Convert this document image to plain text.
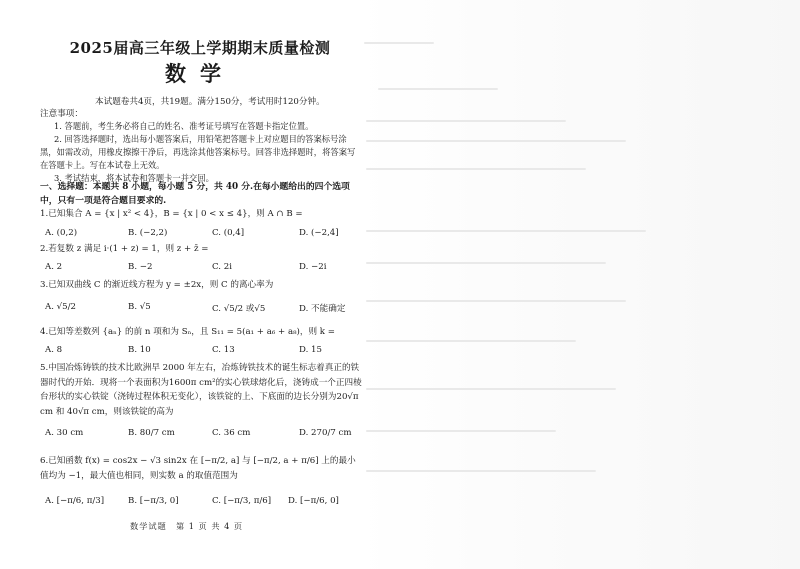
2025届高三年级上学期期末质量检测
数学
本试题卷共4页，共19题。满分150分，考试用时120分钟。
注意事项：
1. 答题前，考生务必将自己的姓名、准考证号填写在答题卡指定位置。
2. 回答选择题时，选出每小题答案后，用铅笔把答题卡上对应题目的答案标号涂黑，如需改动，用橡皮擦擦干净后，再选涂其他答案标号。回答非选择题时，将答案写在答题卡上。写在本试卷上无效。
3. 考试结束，将本试卷和答题卡一并交回。
一、选择题：本题共 8 小题，每小题 5 分，共 40 分.在每小题给出的四个选项中，只有一项是符合题目要求的.
1.已知集合 A = {x | x² < 4}，B = {x | 0 < x ≤ 4}，则 A ∩ B =
A. (0,2)	B. (−2,2)	C. (0,4]	D. (−2,4]
2.若复数 z 满足 i·(1 + z) = 1，则 z + z̄ =
A. 2	B. −2	C. 2i	D. −2i
3.已知双曲线 C 的渐近线方程为 y = ±2x，则 C 的离心率为
A. √5/2	B. √5	C. √5/2 或√5	D. 不能确定
4.已知等差数列 {aₙ} 的前 n 项和为 Sₙ，且 S₁₁ = 5(a₁ + a₆ + a₈)，则 k =
A. 8	B. 10	C. 13	D. 15
5.中国冶炼铸铁的技术比欧洲早 2000 年左右，冶炼铸铁技术的诞生标志着真正的铁器时代的开始．现将一个表面积为1600π cm²的实心铁球熔化后，浇铸成一个正四棱台形状的实心铁锭（浇铸过程体积无变化），该铁锭的上、下底面的边长分别为20√π cm 和 40√π cm，则该铁锭的高为
A. 30 cm	B. 80/7 cm	C. 36 cm	D. 270/7 cm
6.已知函数 f(x) = cos2x − √3 sin2x 在 [−π/2, a] 与 [−π/2, a + π/6] 上的最小值均为 −1，最大值也相同，则实数 a 的取值范围为
A. [−π/6, π/3]	B. [−π/3, 0]	C. [−π/3, π/6] D. [−π/6, 0]
数学试题　第 1 页 共 4 页
